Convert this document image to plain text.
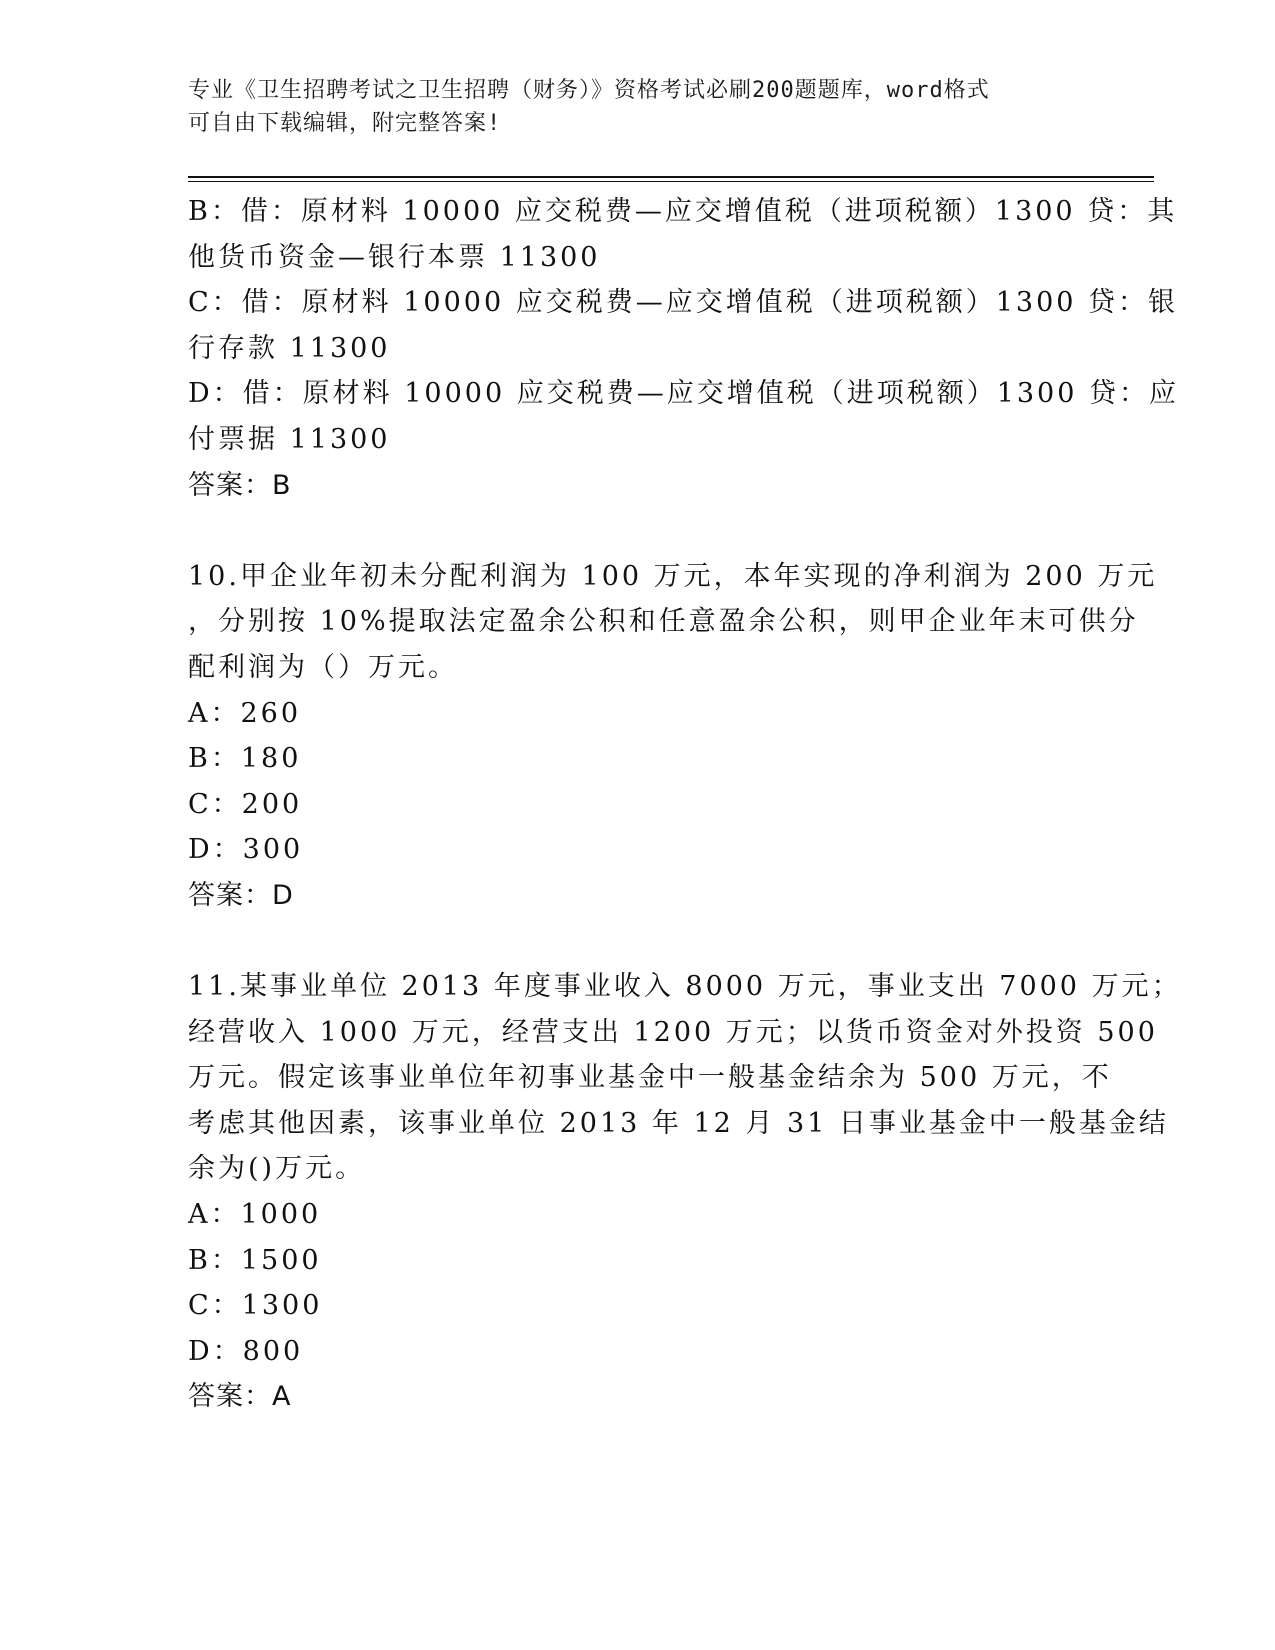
专业《卫生招聘考试之卫生招聘（财务）》资格考试必刷200题题库，word格式
可自由下载编辑，附完整答案!
B：借：原材料 10000 应交税费—应交增值税（进项税额）1300 贷：其
他货币资金—银行本票 11300
C：借：原材料 10000 应交税费—应交增值税（进项税额）1300 贷：银
行存款 11300
D：借：原材料 10000 应交税费—应交增值税（进项税额）1300 贷：应
付票据 11300
答案：B
10.甲企业年初未分配利润为 100 万元，本年实现的净利润为 200 万元
，分别按 10%提取法定盈余公积和任意盈余公积，则甲企业年末可供分
配利润为（）万元。
A：260
B：180
C：200
D：300
答案：D
11.某事业单位 2013 年度事业收入 8000 万元，事业支出 7000 万元；
经营收入 1000 万元，经营支出 1200 万元；以货币资金对外投资 500
万元。假定该事业单位年初事业基金中一般基金结余为 500 万元，不
考虑其他因素，该事业单位 2013 年 12 月 31 日事业基金中一般基金结
余为()万元。
A：1000
B：1500
C：1300
D：800
答案：A
